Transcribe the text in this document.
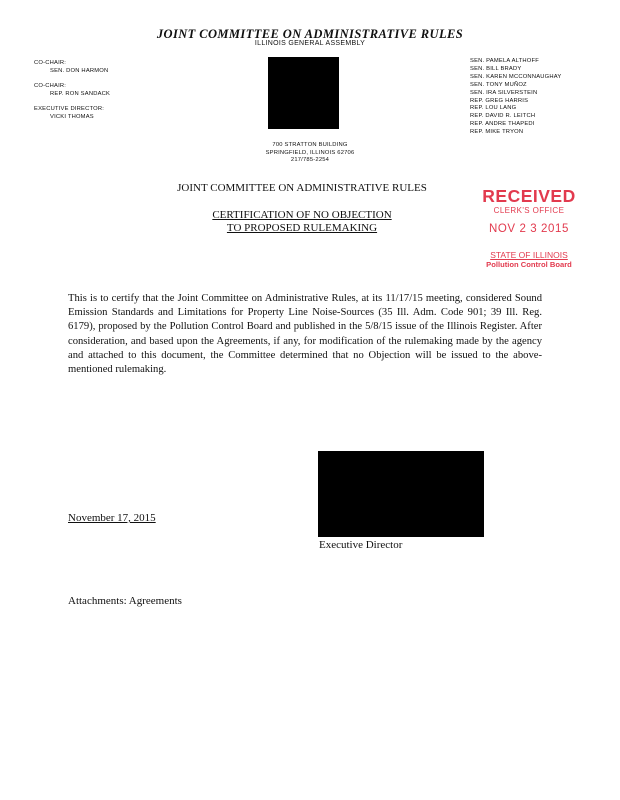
JOINT COMMITTEE ON ADMINISTRATIVE RULES
ILLINOIS GENERAL ASSEMBLY
CO-CHAIR:
SEN. DON HARMON
CO-CHAIR:
REP. RON SANDACK
EXECUTIVE DIRECTOR:
VICKI THOMAS
SEN. PAMELA ALTHOFF
SEN. BILL BRADY
SEN. KAREN MCCONNAUGHAY
SEN. TONY MUÑOZ
SEN. IRA SILVERSTEIN
REP. GREG HARRIS
REP. LOU LANG
REP. DAVID R. LEITCH
REP. ANDRE THAPEDI
REP. MIKE TRYON
700 STRATTON BUILDING
SPRINGFIELD, ILLINOIS 62706
217/785-2254
JOINT COMMITTEE ON ADMINISTRATIVE RULES
CERTIFICATION OF NO OBJECTION
TO PROPOSED RULEMAKING
RECEIVED
CLERK'S OFFICE
NOV 2 3 2015
STATE OF ILLINOIS
Pollution Control Board
This is to certify that the Joint Committee on Administrative Rules, at its 11/17/15 meeting, considered Sound Emission Standards and Limitations for Property Line Noise-Sources (35 Ill. Adm. Code 901; 39 Ill. Reg. 6179), proposed by the Pollution Control Board and published in the 5/8/15 issue of the Illinois Register. After consideration, and based upon the Agreements, if any, for modification of the rulemaking made by the agency and attached to this document, the Committee determined that no Objection will be issued to the above-mentioned rulemaking.
Executive Director
November 17, 2015
Attachments: Agreements
